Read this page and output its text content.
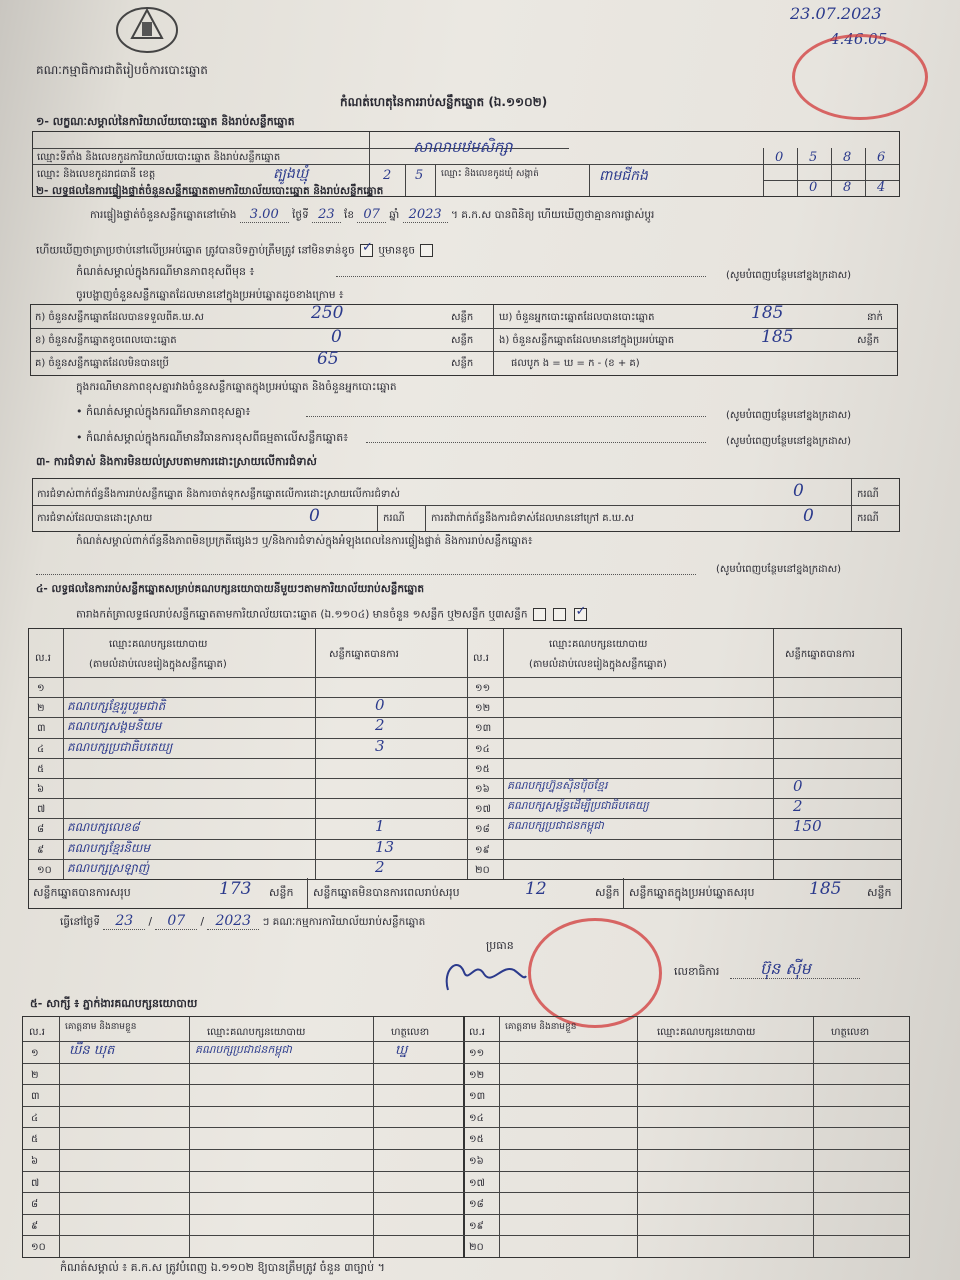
គណៈកម្មាធិការជាតិរៀបចំការបោះឆ្នោត
23.07.2023
4.46.05
កំណត់ហេតុនៃការរាប់សន្លឹកឆ្នោត (ឯ.១១០២)
១- លក្ខណៈសម្គាល់នៃការិយាល័យបោះឆ្នោត និងរាប់សន្លឹកឆ្នោត
ឈ្មោះទីតាំង និងលេខកូដការិយាល័យបោះឆ្នោត និងរាប់សន្លឹកឆ្នោត
សាលាបឋមសិក្សា
0 5 8 6
ឈ្មោះ និងលេខកូដរាជធានី ខេត្ត	ត្បូងឃ្មុំ	2 5 ឈ្មោះ និងលេខកូដឃុំ សង្កាត់	ពាមជីកង
0 8 4
២- លទ្ធផលនៃការផ្ទៀងផ្ទាត់ចំនួនសន្លឹកឆ្នោតតាមការិយាល័យបោះឆ្នោត និងរាប់សន្លឹកឆ្នោត
ការផ្ទៀងផ្ទាត់ចំនួនសន្លឹកឆ្នោតនៅម៉ោង 3.00 ថ្ងៃទី 23 ខែ 07 ឆ្នាំ 2023 ។ គ.ក.ស បានពិនិត្យ ហើយឃើញថាគ្មានការផ្លាស់ប្តូរ
ហើយឃើញថាត្រាប្រថាប់នៅលើប្រអប់ឆ្នោត ត្រូវបានបិទភ្ជាប់ត្រឹមត្រូវ នៅមិនទាន់ខូច ✓ ឬមានខូច
កំណត់សម្គាល់ក្នុងករណីមានភាពខុសពីមុន ៖	(សូមបំពេញបន្ថែមនៅខ្នងក្រដាស)
ចូរបង្ហាញចំនួនសន្លឹកឆ្នោតដែលមាននៅក្នុងប្រអប់ឆ្នោតដូចខាងក្រោម ៖
ក) ចំនួនសន្លឹកឆ្នោតដែលបានទទួលពីគ.ឃ.ស	250	សន្លឹក
ខ) ចំនួនសន្លឹកឆ្នោតខូចពេលបោះឆ្នោត	0	សន្លឹក
គ) ចំនួនសន្លឹកឆ្នោតដែលមិនបានប្រើ	65	សន្លឹក
ឃ) ចំនួនអ្នកបោះឆ្នោតដែលបានបោះឆ្នោត	185	នាក់
ង) ចំនួនសន្លឹកឆ្នោតដែលមាននៅក្នុងប្រអប់ឆ្នោត	185	សន្លឹក
ផលបូក ង = ឃ = ក - (ខ + គ)
ក្នុងករណីមានភាពខុសគ្នារវាងចំនួនសន្លឹកឆ្នោតក្នុងប្រអប់ឆ្នោត និងចំនួនអ្នកបោះឆ្នោត
• កំណត់សម្គាល់ក្នុងករណីមានភាពខុសគ្នា៖	(សូមបំពេញបន្ថែមនៅខ្នងក្រដាស)
• កំណត់សម្គាល់ក្នុងករណីមានវិធានការខុសពីធម្មតាលើសន្លឹកឆ្នោត៖	(សូមបំពេញបន្ថែមនៅខ្នងក្រដាស)
៣- ការជំទាស់ និងការមិនយល់ស្របតាមការដោះស្រាយលើការជំទាស់
ការជំទាស់ពាក់ព័ន្ធនឹងការរាប់សន្លឹកឆ្នោត និងការចាត់ទុកសន្លឹកឆ្នោតលើការដោះស្រាយលើការជំទាស់	0	ករណី
ការជំទាស់ដែលបានដោះស្រាយ	0	ករណី	ការតវ៉ាពាក់ព័ន្ធនឹងការជំទាស់ដែលមាននៅក្រៅ គ.ឃ.ស	0	ករណី
កំណត់សម្គាល់ពាក់ព័ន្ធនឹងភាពមិនប្រក្រតីផ្សេងៗ ឬ/និងការជំទាស់ក្នុងអំឡុងពេលនៃការផ្ទៀងផ្ទាត់ និងការរាប់សន្លឹកឆ្នោត៖
(សូមបំពេញបន្ថែមនៅខ្នងក្រដាស)
៤- លទ្ធផលនៃការរាប់សន្លឹកឆ្នោតសម្រាប់គណបក្សនយោបាយនីមួយៗតាមការិយាល័យរាប់សន្លឹកឆ្នោត
តារាងកត់ត្រាលទ្ធផលរាប់សន្លឹកឆ្នោតតាមការិយាល័យបោះឆ្នោត (ឯ.១១០៤) មានចំនួន ១សន្លឹក ឬ២សន្លឹក ឬ៣សន្លឹក	✓
ល.រ
ឈ្មោះគណបក្សនយោបាយ
(តាមលំដាប់លេខរៀងក្នុងសន្លឹកឆ្នោត)
សន្លឹកឆ្នោតបានការ	ល.រ
ឈ្មោះគណបក្សនយោបាយ
(តាមលំដាប់លេខរៀងក្នុងសន្លឹកឆ្នោត)
សន្លឹកឆ្នោតបានការ
១	១១
២ គណបក្សខ្មែររួបរួមជាតិ	0	១២
៣ គណបក្សសង្គមនិយម	2	១៣
៤ គណបក្សប្រជាធិបតេយ្យ	3	១៤
៥	១៥
៦	១៦ គណបក្សហ្វ៊ុនស៊ិនប៉ិចខ្មែរ	0
៧	១៧ គណបក្សសម្ព័ន្ធដើម្បីប្រជាធិបតេយ្យ	2
៨ គណបក្សលេខ៨	1	១៨ គណបក្សប្រជាជនកម្ពុជា	150
៩ គណបក្សខ្មែរនិយម	13	១៩
១០ គណបក្សស្រឡាញ់	2	២០
សន្លឹកឆ្នោតបានការសរុប	173 សន្លឹក សន្លឹកឆ្នោតមិនបានការពេលរាប់សរុប	12	សន្លឹក សន្លឹកឆ្នោតក្នុងប្រអប់ឆ្នោតសរុប	185 សន្លឹក
ធ្វើនៅថ្ងៃទី 23 / 07 / 2023 ៗ គណៈកម្មការការិយាល័យរាប់សន្លឹកឆ្នោត
ប្រធាន
លេខាធិការ	ប៊ុន ស៊ីម
៥- សាក្សី ៖ ភ្នាក់ងារគណបក្សនយោបាយ
ល.រ គោត្តនាម និងនាមខ្លួន	ឈ្មោះគណបក្សនយោបាយ	ហត្ថលេខា	ល.រ គោត្តនាម និងនាមខ្លួន	ឈ្មោះគណបក្សនយោបាយ	ហត្ថលេខា
១ ឃឹន ឃុត	គណបក្សប្រជាជនកម្ពុជា	ឃ្ន	១១
២	១២
៣	១៣
៤	១៤
៥	១៥
៦	១៦
៧	១៧
៨	១៨
៩	១៩
១០	២០
កំណត់សម្គាល់ ៖ គ.ក.ស ត្រូវបំពេញ ឯ.១១០២ ឱ្យបានត្រឹមត្រូវ ចំនួន ៣ច្បាប់ ។
